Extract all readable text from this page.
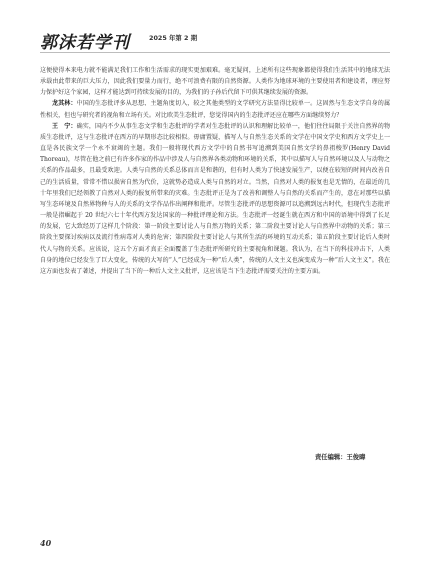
郭沫若学刊	2025 年第 2 期

这便使得本来电力就不能满足我们工作和生活需求的现实更加艰难。毫无疑问，上述所有这些现象都使得我们生活其中的地球无法承载由此带来的巨大压力，因此我们要量力而行，绝不可浪费有限的自然资源。人类作为地球环境的主要使用者和建设者，理应努力保护好这个家园，这样才能达到可持续发展的目的，为我们的子孙后代留下可供其继续发展的资源。

龙其林：中国的生态批评多从思想、主题角度切入，较之其他类型的文学研究方法显得比较单一。这固然与生态文学自身的属性相关，但也与研究者的视角和立场有关。对比欧美生态批评，您觉得国内的生态批评还应在哪些方面继续努力？

王　宁：确实，国内不少从事生态文学和生态批评的学者对生态批评的认识和理解比较单一，他们往往局限于关注自然界的物质生态批评，这与生态批评在西方的早期形态比较相似。毋庸置疑，描写人与自然生态关系的文学在中国文学史和西方文学史上一直是各民族文学一个永不衰竭的主题。我们一般将现代西方文学中的自然书写追溯到美国自然文学的鼻祖梭罗(Henry David Thoreau)，尽管在他之前已有许多作家的作品中涉及人与自然界各类动物和环境的关系，其中以描写人与自然环境以及人与动物之关系的作品最多，且最受欢迎。人类与自然的关系总体而言是和谐的，但有时人类为了快速发展生产，以便在较短的时间内改善自己的生活质量，常常不惜以损害自然为代价，这就势必造成人类与自然的对立。当然，自然对人类的报复也是无情的，在最近的几十年里我们已经领教了自然对人类的报复所带来的灾难。生态批评正是为了改善和调整人与自然的关系而产生的，意在对那些以描写生态环境及自然界物种与人的关系的文学作品作出阐释和批评。尽管生态批评的思想资源可以追溯到远古时代，但现代生态批评一般是指崛起于 20 世纪六七十年代西方发达国家的一种批评理论和方法。生态批评一经诞生就在西方和中国的语境中得到了长足的发展，它大致经历了这样几个阶段：第一阶段主要讨论人与自然万物的关系；第二阶段主要讨论人与自然界中动物的关系；第三阶段主要探讨疾病以及流行性病毒对人类的危害；第四阶段主要讨论人与其所生活的环境的互动关系；第五阶段主要讨论后人类时代人与物的关系。应该说，这五个方面才真正全面覆盖了生态批评所研究的主要视角和课题。我认为，在当下的科技冲击下，人类自身的地位已经发生了巨大变化，传统的大写的“人”已经成为一种“后人类”，传统的人文主义也演变成为一种“后人文主义”。我在这方面也发表了著述，并提出了当下的一种后人文主义批评，这应该是当下生态批评需要关注的主要方面。

责任编辑：王俊暐
40
